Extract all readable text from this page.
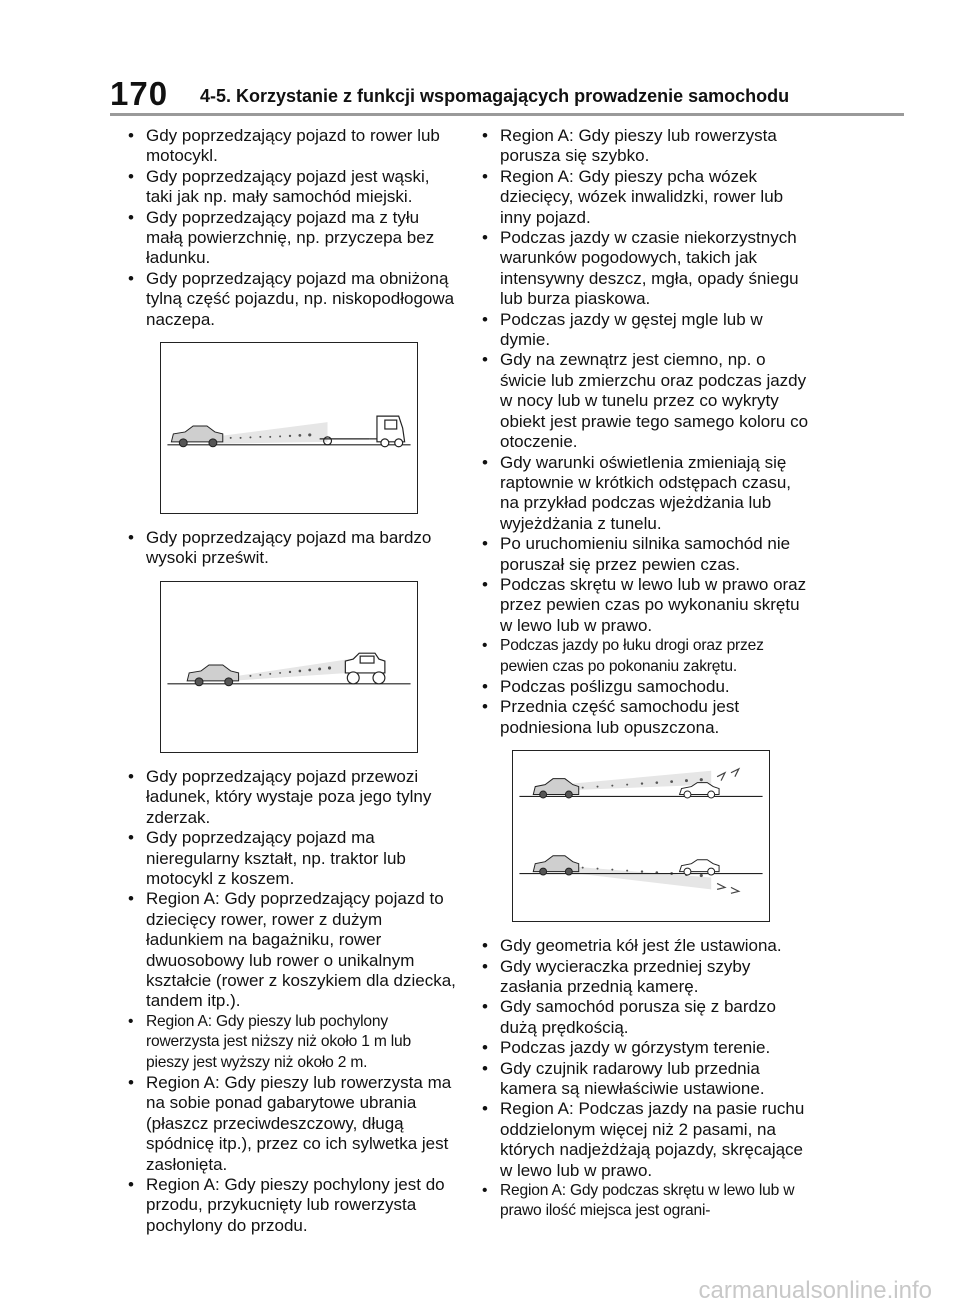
170 4-5. Korzystanie z funkcji wspomagających prowadzenie samochodu
• Gdy poprzedzający pojazd to rower lub motocykl.
• Gdy poprzedzający pojazd jest wąski, taki jak np. mały samochód miejski.
• Gdy poprzedzający pojazd ma z tyłu małą powierzchnię, np. przyczepa bez ładunku.
• Gdy poprzedzający pojazd ma obniżoną tylną część pojazdu, np. niskopodłogowa naczepa.
• Gdy poprzedzający pojazd ma bardzo wysoki prześwit.
• Gdy poprzedzający pojazd przewozi ładunek, który wystaje poza jego tylny zderzak.
• Gdy poprzedzający pojazd ma nieregularny kształt, np. traktor lub motocykl z koszem.
• Region A: Gdy poprzedzający pojazd to dziecięcy rower, rower z dużym ładunkiem na bagażniku, rower dwuosobowy lub rower o unikalnym kształcie (rower z koszykiem dla dziecka, tandem itp.).
• Region A: Gdy pieszy lub pochylony rowerzysta jest niższy niż około 1 m lub pieszy jest wyższy niż około 2 m.
• Region A: Gdy pieszy lub rowerzysta ma na sobie ponad gabarytowe ubrania (płaszcz przeciwdeszczowy, długą spódnicę itp.), przez co ich sylwetka jest zasłonięta.
• Region A: Gdy pieszy pochylony jest do przodu, przykucnięty lub rowerzysta pochylony do przodu.
• Region A: Gdy pieszy lub rowerzysta porusza się szybko.
• Region A: Gdy pieszy pcha wózek dziecięcy, wózek inwalidzki, rower lub inny pojazd.
• Podczas jazdy w czasie niekorzystnych warunków pogodowych, takich jak intensywny deszcz, mgła, opady śniegu lub burza piaskowa.
• Podczas jazdy w gęstej mgle lub w dymie.
• Gdy na zewnątrz jest ciemno, np. o świcie lub zmierzchu oraz podczas jazdy w nocy lub w tunelu przez co wykryty obiekt jest prawie tego samego koloru co otoczenie.
• Gdy warunki oświetlenia zmieniają się raptownie w krótkich odstępach czasu, na przykład podczas wjeżdżania lub wyjeżdżania z tunelu.
• Po uruchomieniu silnika samochód nie poruszał się przez pewien czas.
• Podczas skrętu w lewo lub w prawo oraz przez pewien czas po wykonaniu skrętu w lewo lub w prawo.
• Podczas jazdy po łuku drogi oraz przez pewien czas po pokonaniu zakrętu.
• Podczas poślizgu samochodu.
• Przednia część samochodu jest podniesiona lub opuszczona.
• Gdy geometria kół jest źle ustawiona.
• Gdy wycieraczka przedniej szyby zasłania przednią kamerę.
• Gdy samochód porusza się z bardzo dużą prędkością.
• Podczas jazdy w górzystym terenie.
• Gdy czujnik radarowy lub przednia kamera są niewłaściwie ustawione.
• Region A: Podczas jazdy na pasie ruchu oddzielonym więcej niż 2 pasami, na których nadjeżdżają pojazdy, skręcające w lewo lub w prawo.
• Region A: Gdy podczas skrętu w lewo lub w prawo ilość miejsca jest ograni-
carmanualsonline.info
